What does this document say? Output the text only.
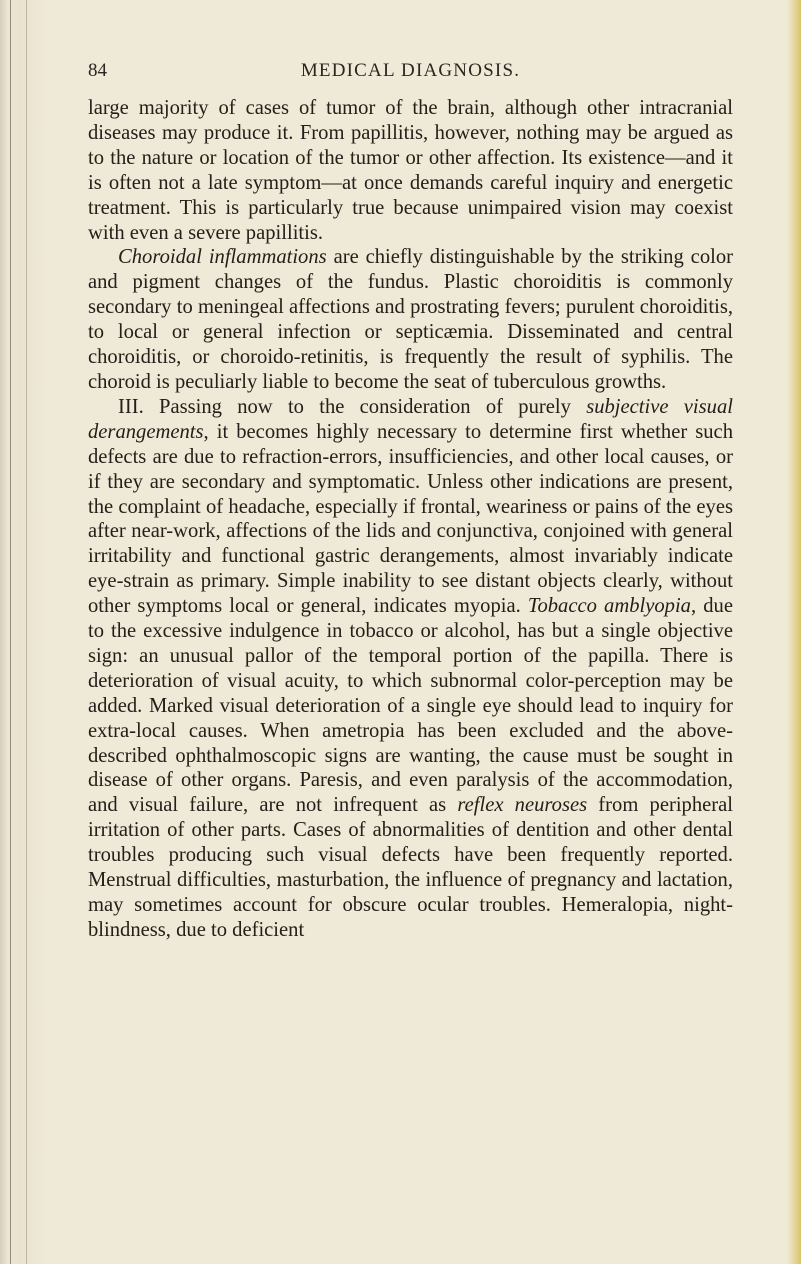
84	MEDICAL DIAGNOSIS.

large majority of cases of tumor of the brain, although other intracranial diseases may produce it. From papillitis, however, nothing may be argued as to the nature or location of the tumor or other affection. Its existence—and it is often not a late symptom—at once demands careful inquiry and energetic treatment. This is particularly true because unimpaired vision may coexist with even a severe papillitis.

Choroidal inflammations are chiefly distinguishable by the striking color and pigment changes of the fundus. Plastic choroiditis is commonly secondary to meningeal affections and prostrating fevers; purulent choroiditis, to local or general infection or septicæmia. Disseminated and central choroiditis, or choroido-retinitis, is frequently the result of syphilis. The choroid is peculiarly liable to become the seat of tuberculous growths.

III. Passing now to the consideration of purely subjective visual derangements, it becomes highly necessary to determine first whether such defects are due to refraction-errors, insufficiencies, and other local causes, or if they are secondary and symptomatic. Unless other indications are present, the complaint of headache, especially if frontal, weariness or pains of the eyes after near-work, affections of the lids and conjunctiva, conjoined with general irritability and functional gastric derangements, almost invariably indicate eye-strain as primary. Simple inability to see distant objects clearly, without other symptoms local or general, indicates myopia. Tobacco amblyopia, due to the excessive indulgence in tobacco or alcohol, has but a single objective sign: an unusual pallor of the temporal portion of the papilla. There is deterioration of visual acuity, to which subnormal color-perception may be added. Marked visual deterioration of a single eye should lead to inquiry for extra-local causes. When ametropia has been excluded and the above-described ophthalmoscopic signs are wanting, the cause must be sought in disease of other organs. Paresis, and even paralysis of the accommodation, and visual failure, are not infrequent as reflex neuroses from peripheral irritation of other parts. Cases of abnormalities of dentition and other dental troubles producing such visual defects have been frequently reported. Menstrual difficulties, masturbation, the influence of pregnancy and lactation, may sometimes account for obscure ocular troubles. Hemeralopia, night-blindness, due to deficient
